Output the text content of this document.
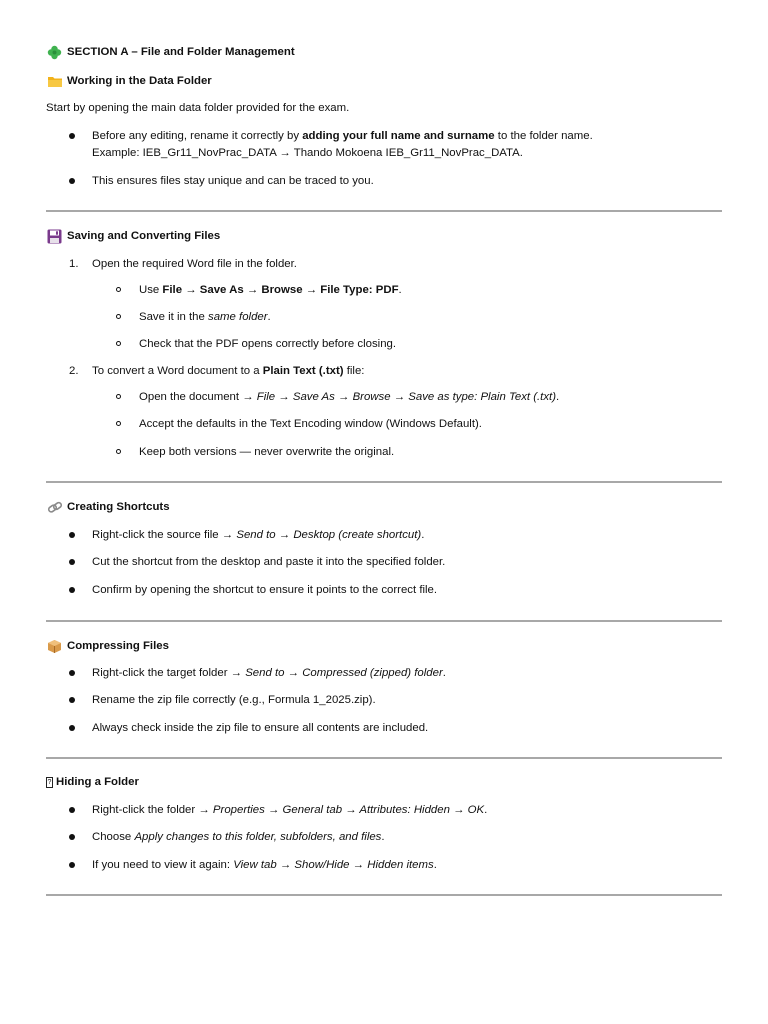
SECTION A – File and Folder Management
Working in the Data Folder
Start by opening the main data folder provided for the exam.
Before any editing, rename it correctly by adding your full name and surname to the folder name.
Example: IEB_Gr11_NovPrac_DATA → Thando Mokoena IEB_Gr11_NovPrac_DATA.
This ensures files stay unique and can be traced to you.
Saving and Converting Files
1. Open the required Word file in the folder.
Use File → Save As → Browse → File Type: PDF.
Save it in the same folder.
Check that the PDF opens correctly before closing.
2. To convert a Word document to a Plain Text (.txt) file:
Open the document → File → Save As → Browse → Save as type: Plain Text (.txt).
Accept the defaults in the Text Encoding window (Windows Default).
Keep both versions — never overwrite the original.
Creating Shortcuts
Right-click the source file → Send to → Desktop (create shortcut).
Cut the shortcut from the desktop and paste it into the specified folder.
Confirm by opening the shortcut to ensure it points to the correct file.
Compressing Files
Right-click the target folder → Send to → Compressed (zipped) folder.
Rename the zip file correctly (e.g., Formula 1_2025.zip).
Always check inside the zip file to ensure all contents are included.
? Hiding a Folder
Right-click the folder → Properties → General tab → Attributes: Hidden → OK.
Choose Apply changes to this folder, subfolders, and files.
If you need to view it again: View tab → Show/Hide → Hidden items.
